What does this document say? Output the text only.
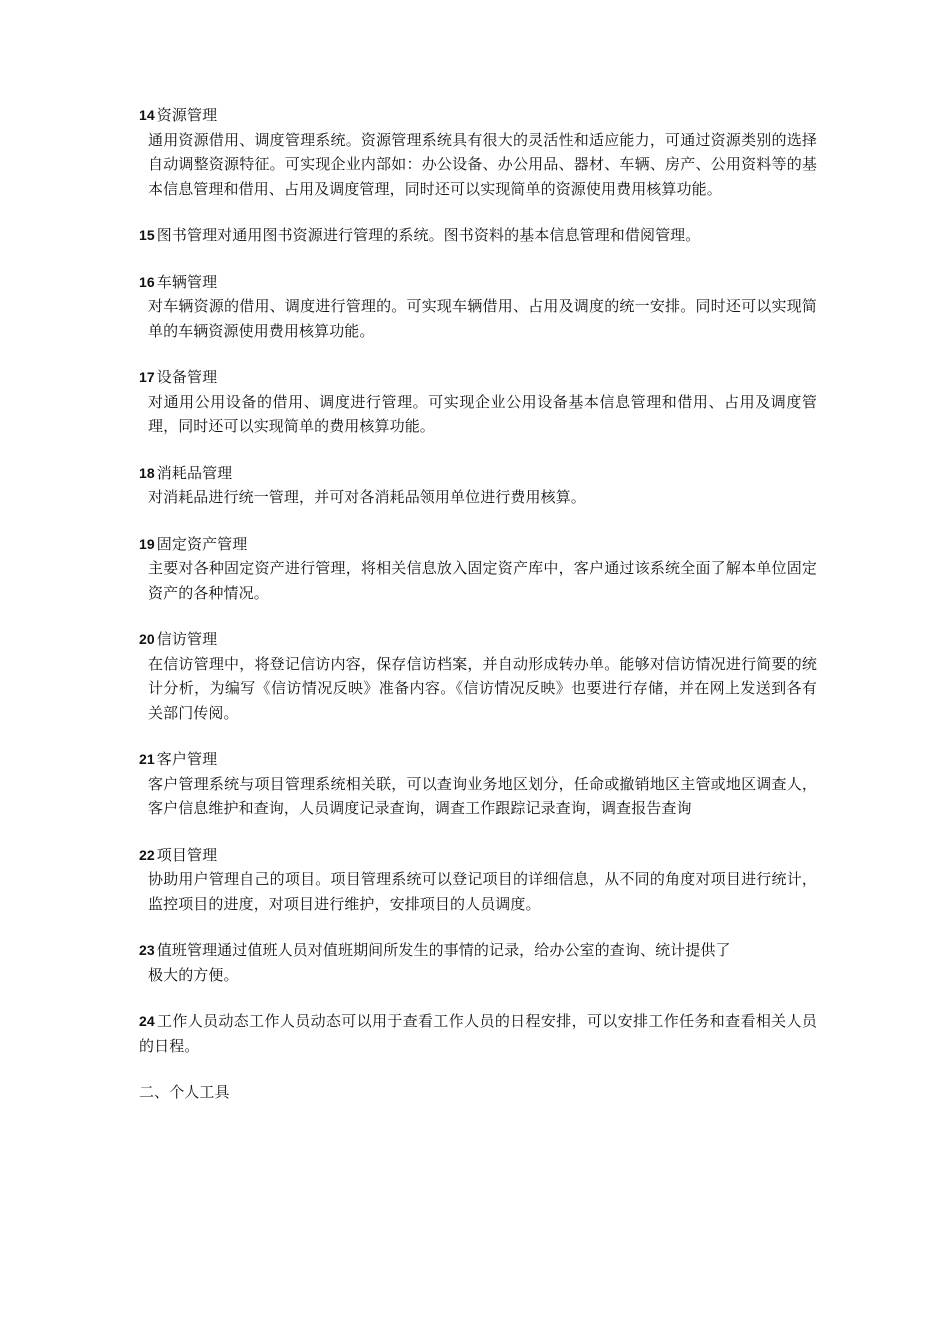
14 资源管理

通用资源借用、调度管理系统。资源管理系统具有很大的灵活性和适应能力，可通过资源类别的选择自动调整资源特征。可实现企业内部如：办公设备、办公用品、器材、车辆、房产、公用资料等的基本信息管理和借用、占用及调度管理，同时还可以实现简单的资源使用费用核算功能。

15 图书管理对通用图书资源进行管理的系统。图书资料的基本信息管理和借阅管理。

16 车辆管理

对车辆资源的借用、调度进行管理的。可实现车辆借用、占用及调度的统一安排。同时还可以实现简单的车辆资源使用费用核算功能。

17 设备管理

对通用公用设备的借用、调度进行管理。可实现企业公用设备基本信息管理和借用、占用及调度管理，同时还可以实现简单的费用核算功能。

18 消耗品管理

对消耗品进行统一管理，并可对各消耗品领用单位进行费用核算。

19 固定资产管理

主要对各种固定资产进行管理，将相关信息放入固定资产库中，客户通过该系统全面了解本单位固定资产的各种情况。

20 信访管理

在信访管理中，将登记信访内容，保存信访档案，并自动形成转办单。能够对信访情况进行简要的统计分析，为编写《信访情况反映》准备内容。《信访情况反映》也要进行存储，并在网上发送到各有关部门传阅。

21 客户管理

客户管理系统与项目管理系统相关联，可以查询业务地区划分，任命或撤销地区主管或地区调查人，客户信息维护和查询，人员调度记录查询，调查工作跟踪记录查询，调查报告查询

22 项目管理

协助用户管理自己的项目。项目管理系统可以登记项目的详细信息，从不同的角度对项目进行统计，监控项目的进度，对项目进行维护，安排项目的人员调度。

23 值班管理通过值班人员对值班期间所发生的事情的记录，给办公室的查询、统计提供了

极大的方便。

24 工作人员动态工作人员动态可以用于查看工作人员的日程安排，可以安排工作任务和查看相关人员的日程。

二、个人工具
